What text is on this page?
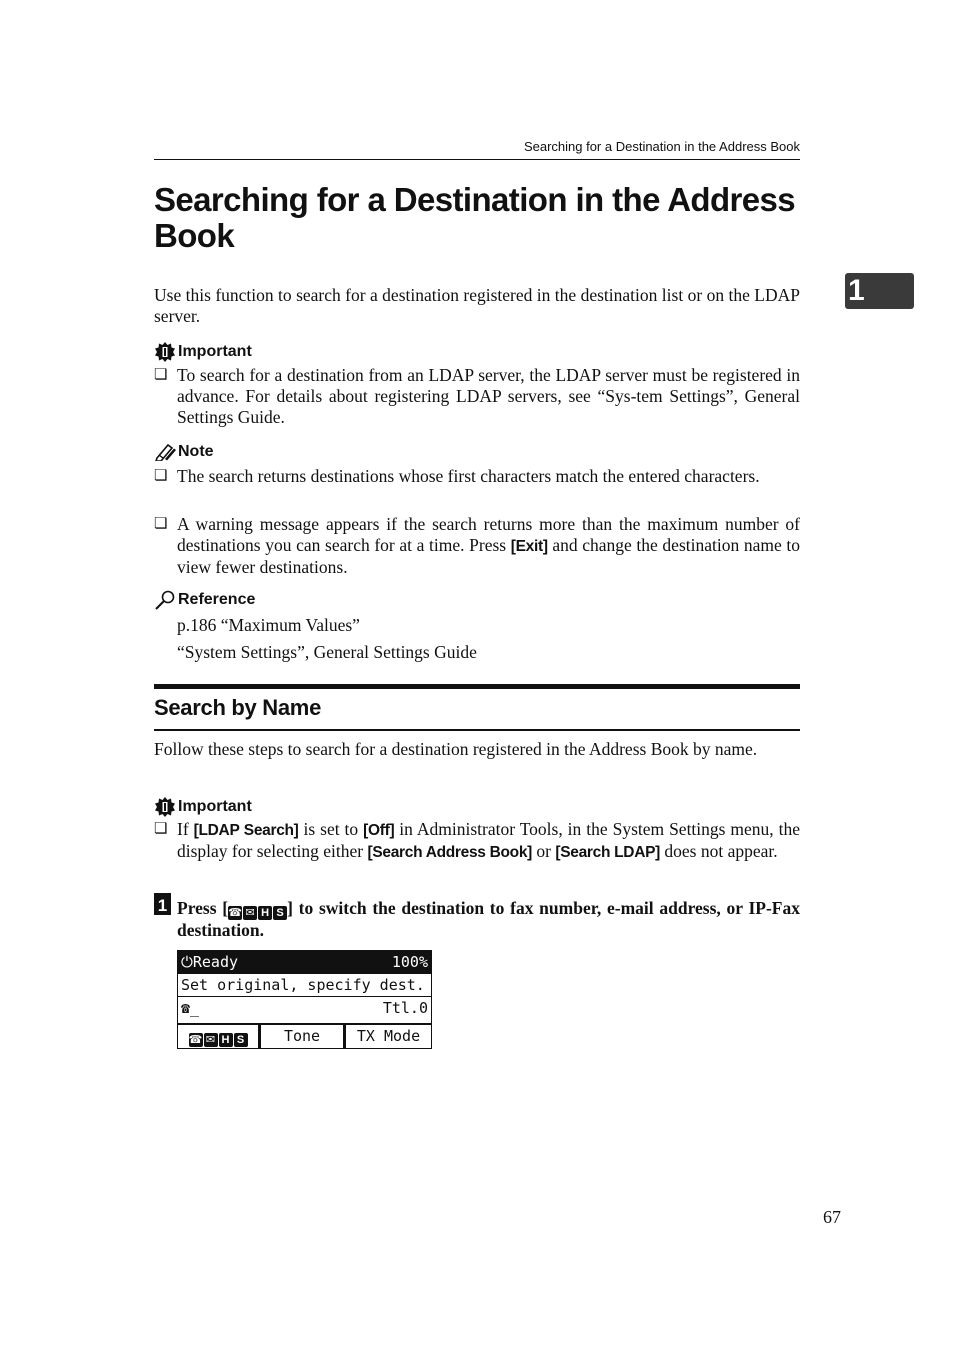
Searching for a Destination in the Address Book
1
Searching for a Destination in the Address Book
Use this function to search for a destination registered in the destination list or on the LDAP server.
Important
❏ To search for a destination from an LDAP server, the LDAP server must be registered in advance. For details about registering LDAP servers, see “Sys-tem Settings”, General Settings Guide.
Note
❏ The search returns destinations whose first characters match the entered characters.
❏ A warning message appears if the search returns more than the maximum number of destinations you can search for at a time. Press [Exit] and change the destination name to view fewer destinations.
Reference
p.186 “Maximum Values”
“System Settings”, General Settings Guide
Search by Name
Follow these steps to search for a destination registered in the Address Book by name.
Important
❏ If [LDAP Search] is set to [Off] in Administrator Tools, in the System Settings menu, the display for selecting either [Search Address Book] or [Search LDAP] does not appear.
1 Press [ ☎ ✉ H S ] to switch the destination to fax number, e-mail address, or IP-Fax destination.
⏻Ready	100%
Set original, specify dest.
☎_	Ttl.0
☎ ✉ H S	Tone	TX Mode
67
